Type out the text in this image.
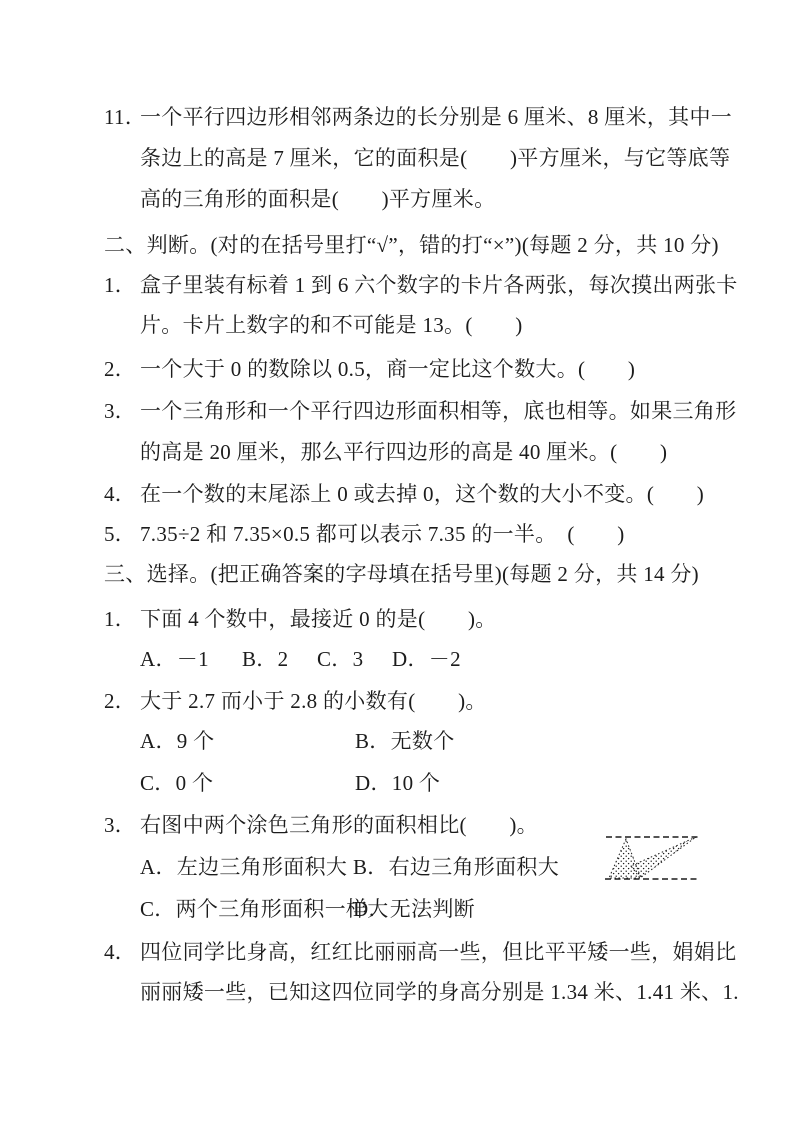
11．一个平行四边形相邻两条边的长分别是 6 厘米、8 厘米，其中一
条边上的高是 7 厘米，它的面积是(　　)平方厘米，与它等底等
高的三角形的面积是(　　)平方厘米。
二、判断。(对的在括号里打“√”，错的打“×”)(每题 2 分，共 10 分)
1． 盒子里装有标着 1 到 6 六个数字的卡片各两张，每次摸出两张卡
片。卡片上数字的和不可能是 13。(　　)
2． 一个大于 0 的数除以 0.5，商一定比这个数大。(　　)
3． 一个三角形和一个平行四边形面积相等，底也相等。如果三角形
的高是 20 厘米，那么平行四边形的高是 40 厘米。(　　)
4． 在一个数的末尾添上 0 或去掉 0，这个数的大小不变。(　　)
5． 7.35÷2 和 7.35×0.5 都可以表示 7.35 的一半。　(　　)
三、选择。(把正确答案的字母填在括号里)(每题 2 分，共 14 分)
1． 下面 4 个数中，最接近 0 的是(　　)。
A．－1 B．2 C．3 D．－2
2． 大于 2.7 而小于 2.8 的小数有(　　)。
A．9 个	B．无数个
C．0 个	D．10 个
3． 右图中两个涂色三角形的面积相比(　　)。
A．左边三角形面积大 B．右边三角形面积大
C．两个三角形面积一样大D．无法判断
4． 四位同学比身高，红红比丽丽高一些，但比平平矮一些，娟娟比
丽丽矮一些，已知这四位同学的身高分别是 1.34 米、1.41 米、1.
